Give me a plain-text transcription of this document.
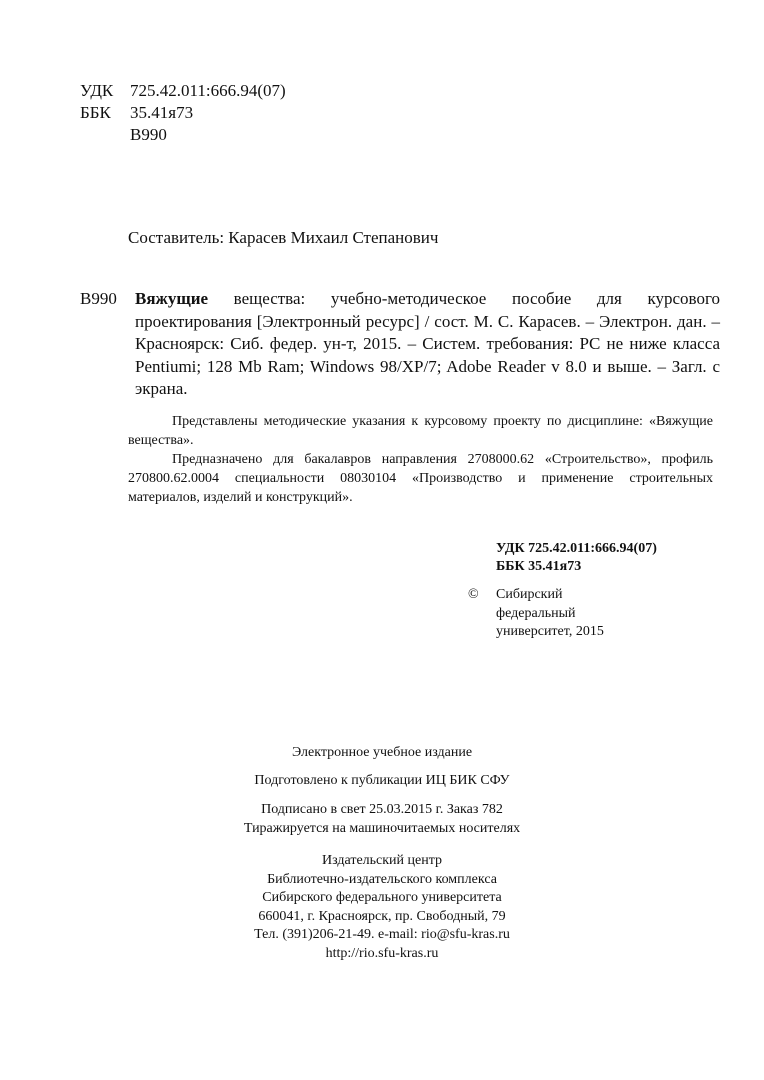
УДК 725.42.011:666.94(07)
ББК 35.41я73
В990
Составитель: Карасев Михаил Степанович
В990 Вяжущие вещества: учебно-методическое пособие для курсового проектирования [Электронный ресурс] / сост. М. С. Карасев. – Электрон. дан. – Красноярск: Сиб. федер. ун-т, 2015. – Систем. требования: PC не ниже класса Pentiumi; 128 Mb Ram; Windows 98/XP/7; Adobe Reader v 8.0 и выше. – Загл. с экрана.

Представлены методические указания к курсовому проекту по дисциплине: «Вяжущие вещества».

Предназначено для бакалавров направления 2708000.62 «Строительство», профиль 270800.62.0004 специальности 08030104 «Производство и применение строительных материалов, изделий и конструкций».

УДК 725.42.011:666.94(07)
ББК 35.41я73
© Сибирский
федеральный
университет, 2015
Электронное учебное издание
Подготовлено к публикации ИЦ БИК СФУ
Подписано в свет 25.03.2015 г. Заказ 782
Тиражируется на машиночитаемых носителях
Издательский центр
Библиотечно-издательского комплекса
Сибирского федерального университета
660041, г. Красноярск, пр. Свободный, 79
Тел. (391)206-21-49. e-mail: rio@sfu-kras.ru
http://rio.sfu-kras.ru
